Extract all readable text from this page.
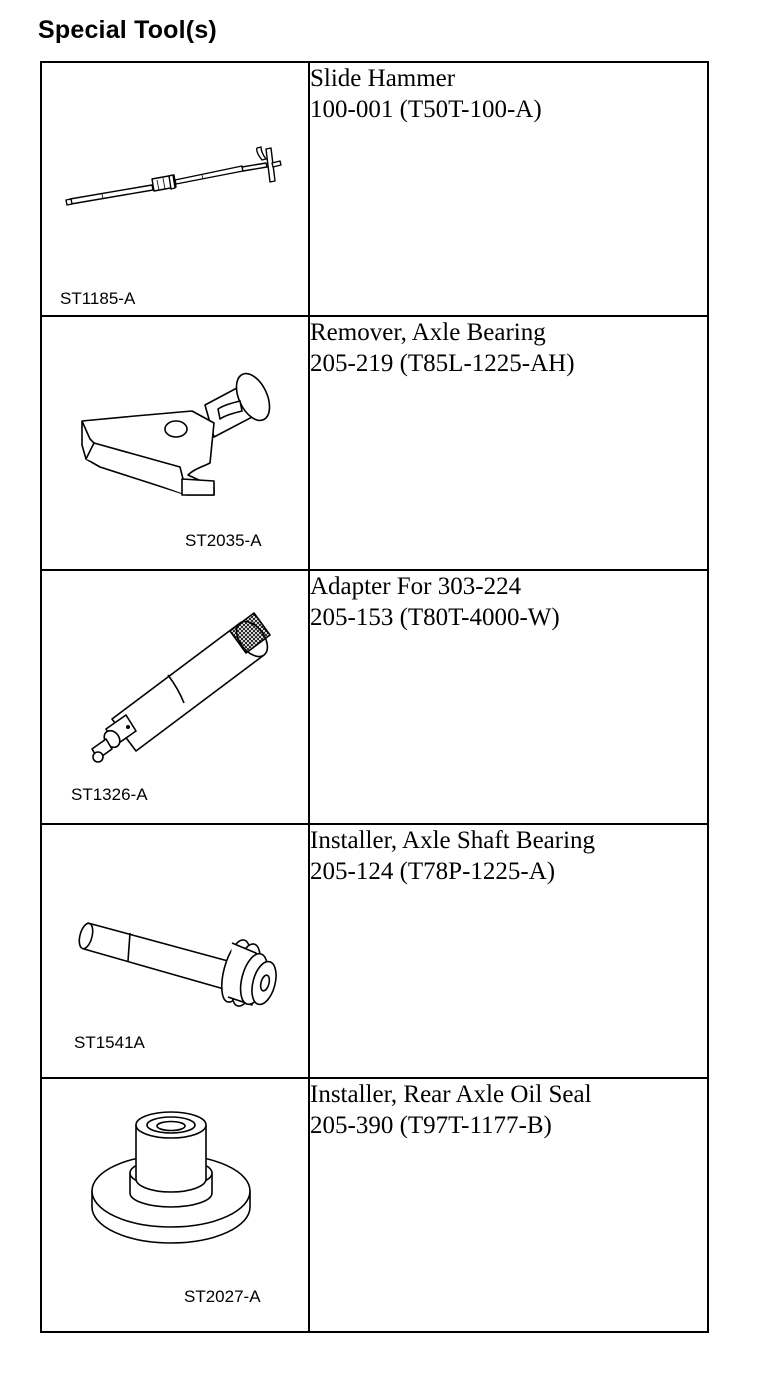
Special Tool(s)
ST1185-A	Slide Hammer
100-001 (T50T-100-A)

ST2035-A	Remover, Axle Bearing
205-219 (T85L-1225-AH)

ST1326-A	Adapter For 303-224
205-153 (T80T-4000-W)

ST1541A	Installer, Axle Shaft Bearing
205-124 (T78P-1225-A)

ST2027-A	Installer, Rear Axle Oil Seal
205-390 (T97T-1177-B)
